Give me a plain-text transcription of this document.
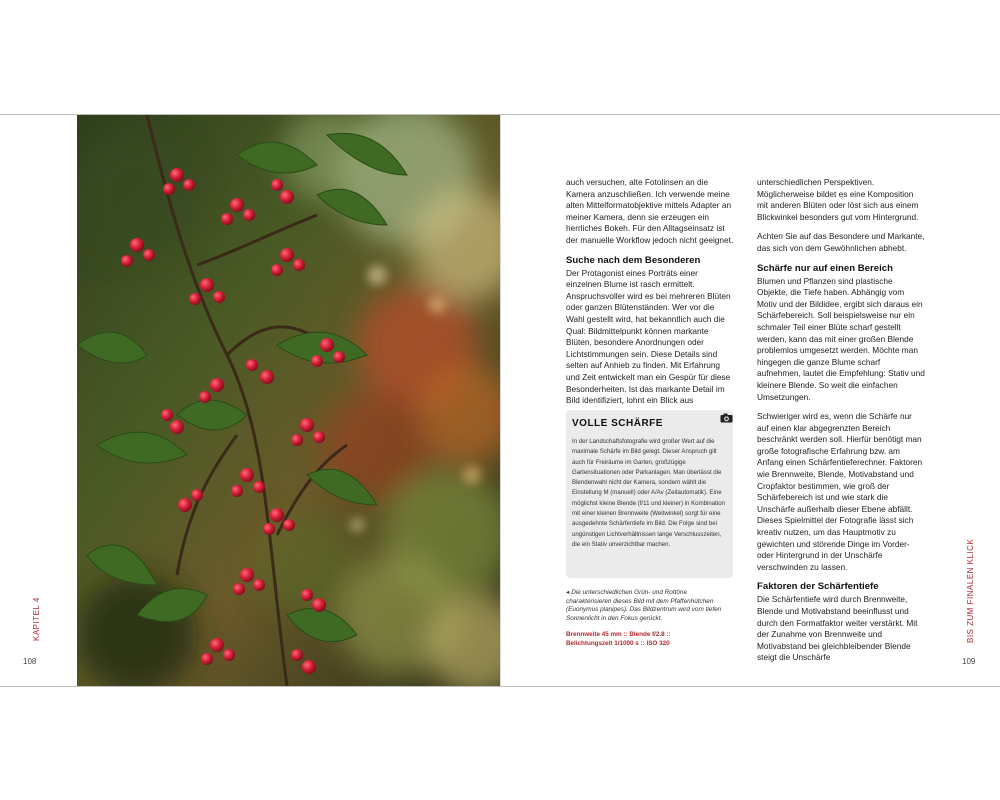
KAPITEL 4
108
BIS ZUM FINALEN KLICK
109

auch versuchen, alte Fotolinsen an die Kamera anzuschließen. Ich verwende meine alten Mittelformatobjektive mittels Adapter an meiner Kamera, denn sie erzeugen ein herrliches Bokeh. Für den Alltagseinsatz ist der manuelle Workflow jedoch nicht geeignet.

Suche nach dem Besonderen

Der Protagonist eines Porträts einer einzelnen Blume ist rasch ermittelt. Anspruchsvoller wird es bei mehreren Blüten oder ganzen Blütenständen. Wer vor die Wahl gestellt wird, hat bekanntlich auch die Qual: Bildmittelpunkt können markante Blüten, besondere Anordnungen oder Lichtstimmungen sein. Diese Details sind selten auf Anhieb zu finden. Mit Erfahrung und Zeit entwickelt man ein Gespür für diese Besonderheiten. Ist das markante Detail im Bild identifiziert, lohnt ein Blick aus

VOLLE SCHÄRFE
In der Landschaftsfotografie wird großer Wert auf die maximale Schärfe im Bild gelegt. Dieser Anspruch gilt auch für Freiräume im Garten, großzügige Gartensituationen oder Parkanlagen. Man überlässt die Blendenwahl nicht der Kamera, sondern wählt die Einstellung M (manuell) oder A/Av (Zeitautomatik). Eine möglichst kleine Blende (f/11 und kleiner) in Kombination mit einer kleinen Brennweite (Weitwinkel) sorgt für eine ausgedehnte Schärfentiefe im Bild. Die Folge sind bei ungünstigen Lichtverhältnissen lange Verschlusszeiten, die ein Stativ unverzichtbar machen.
◂ Die unterschiedlichen Grün- und Rottöne charakterisieren dieses Bild mit dem Pfaffenhütchen (Euonymus planipes). Das Bildzentrum wird vom tiefen Sonnenlicht in den Fokus gerückt.
Brennweite 45 mm :: Blende f/2.8 ::
Belichtungszeit 1/1000 s :: ISO 320

unterschiedlichen Perspektiven. Möglicherweise bildet es eine Komposition mit anderen Blüten oder löst sich aus einem Blickwinkel besonders gut vom Hintergrund.

Achten Sie auf das Besondere und Markante, das sich von dem Gewöhnlichen abhebt.

Schärfe nur auf einen Bereich

Blumen und Pflanzen sind plastische Objekte, die Tiefe haben. Abhängig vom Motiv und der Bildidee, ergibt sich daraus ein Schärfebereich. Soll beispielsweise nur ein schmaler Teil einer Blüte scharf gestellt werden, kann das mit einer großen Blende problemlos umgesetzt werden. Möchte man hingegen die ganze Blume scharf aufnehmen, lautet die Empfehlung: Stativ und kleinere Blende. So weit die einfachen Umsetzungen.

Schwieriger wird es, wenn die Schärfe nur auf einen klar abgegrenzten Bereich beschränkt werden soll. Hierfür benötigt man große fotografische Erfahrung bzw. am Anfang einen Schärfentieferechner. Faktoren wie Brennweite, Blende, Motivabstand und Cropfaktor bestimmen, wie groß der Schärfebereich ist und wie stark die Unschärfe außerhalb dieser Ebene abfällt. Dieses Spielmittel der Fotografie lässt sich kreativ nutzen, um das Hauptmotiv zu gewichten und störende Dinge im Vorder- oder Hintergrund in der Unschärfe verschwinden zu lassen.

Faktoren der Schärfentiefe

Die Schärfentiefe wird durch Brennweite, Blende und Motivabstand beeinflusst und durch den Formatfaktor weiter verstärkt. Mit der Zunahme von Brennweite und Motivabstand bei gleichbleibender Blende steigt die Unschärfe
